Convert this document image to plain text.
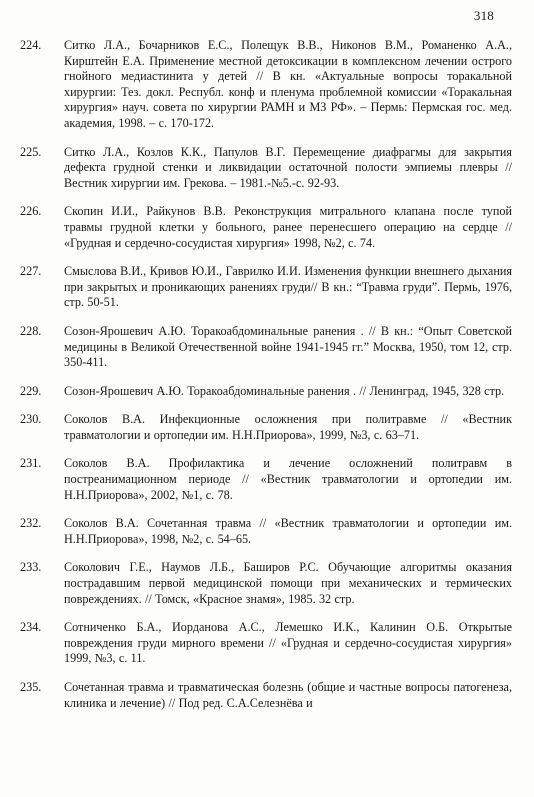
318
224.	Ситко Л.А., Бочарников Е.С., Полещук В.В., Никонов В.М., Романенко А.А., Кирштейн Е.А. Применение местной детоксикации в комплексном лечении острого гнойного медиастинита у детей // В кн. «Актуальные вопросы торакальной хирургии: Тез. докл. Республ. конф и пленума проблемной комиссии «Торакальная хирургия» науч. совета по хирургии РАМН и МЗ РФ». – Пермь: Пермская гос. мед. академия, 1998. – с. 170-172.
225.	Ситко Л.А., Козлов К.К., Папулов В.Г. Перемещение диафрагмы для закрытия дефекта грудной стенки и ликвидации остаточной полости эмпиемы плевры // Вестник хирургии им. Грекова. – 1981.-№5.-с. 92-93.
226.	Скопин И.И., Райкунов В.В. Реконструкция митрального клапана после тупой травмы грудной клетки у больного, ранее перенесшего операцию на сердце // «Грудная и сердечно-сосудистая хирургия» 1998, №2, с. 74.
227.	Смыслова В.И., Кривов Ю.И., Гаврилко И.И. Изменения функции внешнего дыхания при закрытых и проникающих ранениях груди// В кн.: “Травма груди”. Пермь, 1976, стр. 50-51.
228.	Созон-Ярошевич А.Ю. Торакоабдоминальные ранения . // В кн.: “Опыт Советской медицины в Великой Отечественной войне 1941-1945 гг.” Москва, 1950, том 12, стр. 350-411.
229.	Созон-Ярошевич А.Ю. Торакоабдоминальные ранения . // Ленинград, 1945, 328 стр.
230.	Соколов В.А. Инфекционные осложнения при политравме // «Вестник травматологии и ортопедии им. Н.Н.Приорова», 1999, №3, с. 63–71.
231.	Соколов В.А. Профилактика и лечение осложнений политравм в постреанимационном периоде // «Вестник травматологии и ортопедии им. Н.Н.Приорова», 2002, №1, с. 78.
232.	Соколов В.А. Сочетанная травма // «Вестник травматологии и ортопедии им. Н.Н.Приорова», 1998, №2, с. 54–65.
233.	Соколович Г.Е., Наумов Л.Б., Баширов Р.С. Обучающие алгоритмы оказания пострадавшим первой медицинской помощи при механических и термических повреждениях. // Томск, «Красное знамя», 1985. 32 стр.
234.	Сотниченко Б.А., Иорданова А.С., Лемешко И.К., Калинин О.Б. Открытые повреждения груди мирного времени // «Грудная и сердечно-сосудистая хирургия» 1999, №3, с. 11.
235.	Сочетанная травма и травматическая болезнь (общие и частные вопросы патогенеза, клиника и лечение) // Под ред. С.А.Селезнёва и
